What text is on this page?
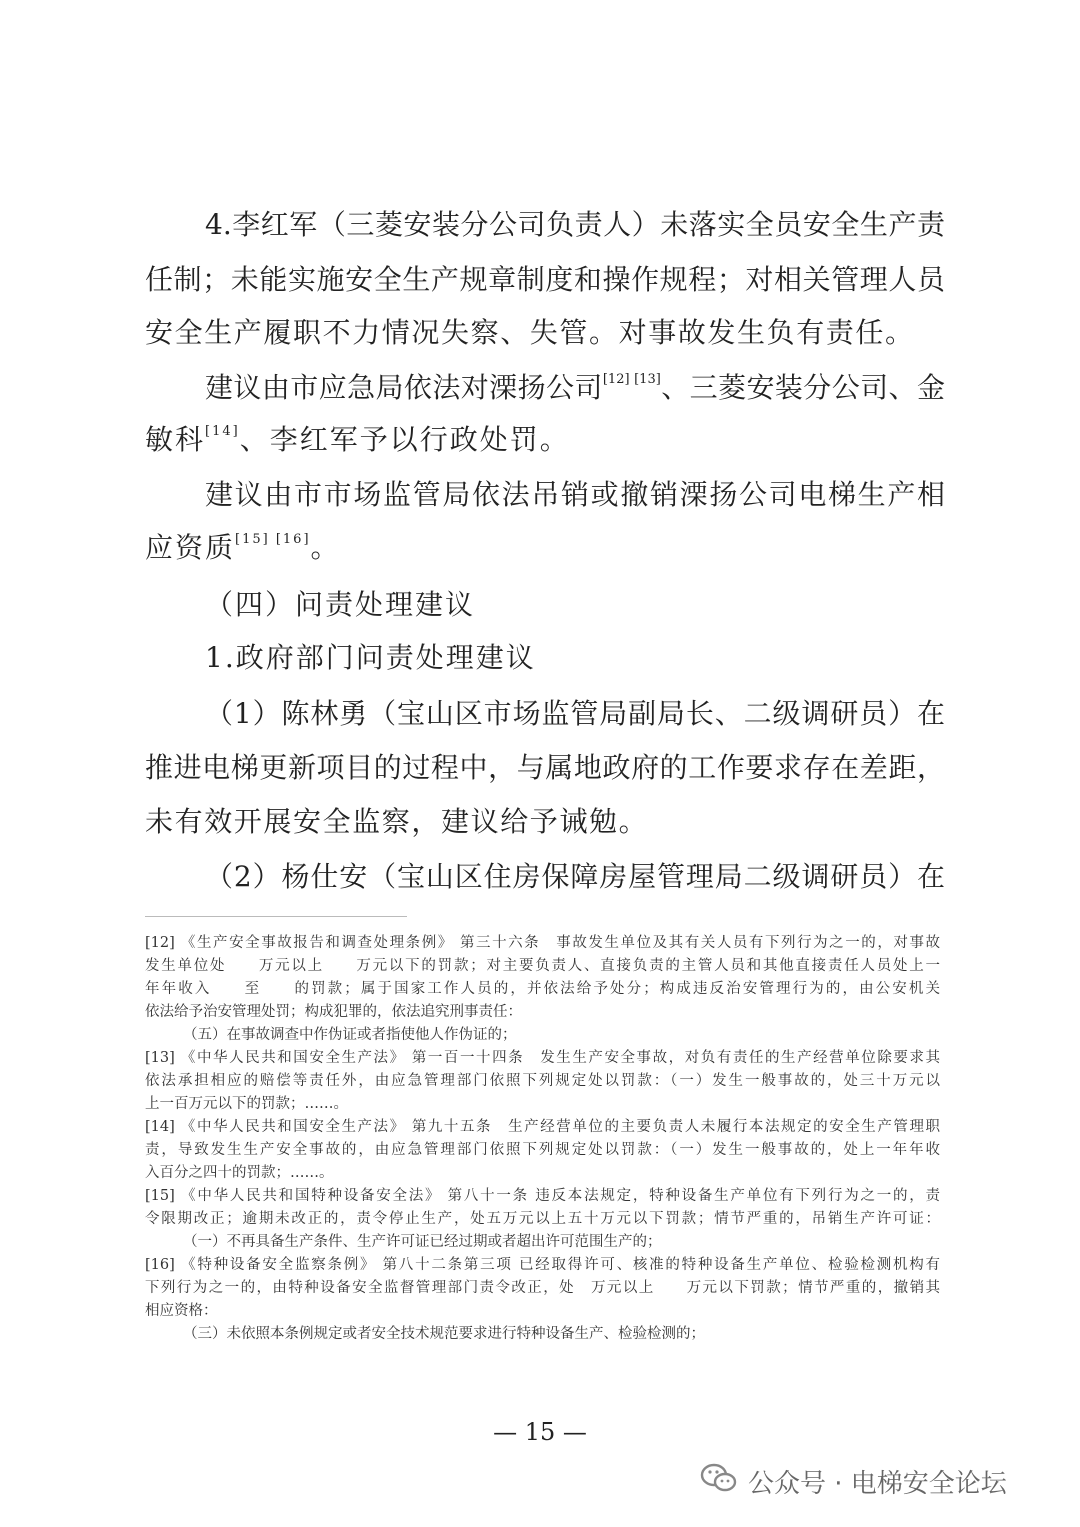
4.李红军（三菱安装分公司负责人）未落实全员安全生产责
任制；未能实施安全生产规章制度和操作规程；对相关管理人员
安全生产履职不力情况失察、失管。对事故发生负有责任。
建议由市应急局依法对溧扬公司[12] [13]、三菱安装分公司、金
敏科[14]、李红军予以行政处罚。
建议由市市场监管局依法吊销或撤销溧扬公司电梯生产相
应资质[15] [16]。
（四）问责处理建议
1.政府部门问责处理建议
（1）陈林勇（宝山区市场监管局副局长、二级调研员）在
推进电梯更新项目的过程中，与属地政府的工作要求存在差距，
未有效开展安全监察，建议给予诫勉。
（2）杨仕安（宝山区住房保障房屋管理局二级调研员）在
[12] 《生产安全事故报告和调查处理条例》 第三十六条　事故发生单位及其有关人员有下列行为之一的，对事故
发生单位处　　万元以上　　万元以下的罚款；对主要负责人、直接负责的主管人员和其他直接责任人员处上一
年年收入　　至　　的罚款；属于国家工作人员的，并依法给予处分；构成违反治安管理行为的，由公安机关
依法给予治安管理处罚；构成犯罪的，依法追究刑事责任：
（五）在事故调查中作伪证或者指使他人作伪证的；
[13] 《中华人民共和国安全生产法》 第一百一十四条　发生生产安全事故，对负有责任的生产经营单位除要求其
依法承担相应的赔偿等责任外，由应急管理部门依照下列规定处以罚款：（一）发生一般事故的，处三十万元以
上一百万元以下的罚款；……。
[14] 《中华人民共和国安全生产法》 第九十五条　生产经营单位的主要负责人未履行本法规定的安全生产管理职
责，导致发生生产安全事故的，由应急管理部门依照下列规定处以罚款：（一）发生一般事故的，处上一年年收
入百分之四十的罚款；……。
[15] 《中华人民共和国特种设备安全法》 第八十一条 违反本法规定，特种设备生产单位有下列行为之一的，责
令限期改正；逾期未改正的，责令停止生产，处五万元以上五十万元以下罚款；情节严重的，吊销生产许可证：
（一）不再具备生产条件、生产许可证已经过期或者超出许可范围生产的；
[16] 《特种设备安全监察条例》 第八十二条第三项 已经取得许可、核准的特种设备生产单位、检验检测机构有
下列行为之一的，由特种设备安全监督管理部门责令改正，处　万元以上　　万元以下罚款；情节严重的，撤销其
相应资格：
（三）未依照本条例规定或者安全技术规范要求进行特种设备生产、检验检测的；
— 15 —
公众号 · 电梯安全论坛
